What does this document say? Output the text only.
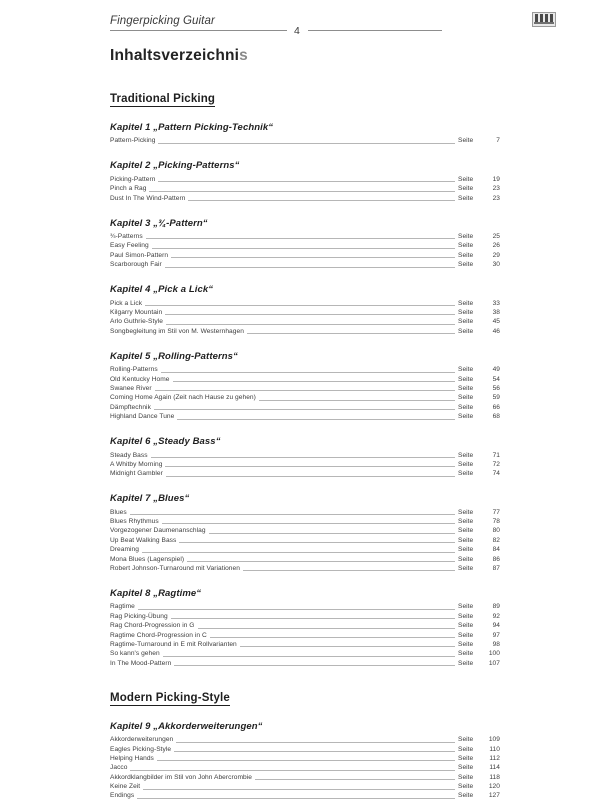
Fingerpicking Guitar
4
Inhaltsverzeichnis
Traditional Picking
Kapitel 1 „Pattern Picking-Technik“
Pattern-Picking	Seite	7
Kapitel 2 „Picking-Patterns“
Picking-Pattern	Seite	19
Pinch a Rag	Seite	23
Dust In The Wind-Pattern	Seite	23
Kapitel 3 „¾-Pattern“
¾-Patterns	Seite	25
Easy Feeling	Seite	26
Paul Simon-Pattern	Seite	29
Scarborough Fair	Seite	30
Kapitel 4 „Pick a Lick“
Pick a Lick	Seite	33
Kilgarry Mountain	Seite	38
Arlo Guthrie-Style	Seite	45
Songbegleitung im Stil von M. Westernhagen	Seite	46
Kapitel 5 „Rolling-Patterns“
Rolling-Patterns	Seite	49
Old Kentucky Home	Seite	54
Swanee River	Seite	56
Coming Home Again (Zeit nach Hause zu gehen)	Seite	59
Dämpftechnik	Seite	66
Highland Dance Tune	Seite	68
Kapitel 6 „Steady Bass“
Steady Bass	Seite	71
A Whitby Morning	Seite	72
Midnight Gambler	Seite	74
Kapitel 7 „Blues“
Blues	Seite	77
Blues Rhythmus	Seite	78
Vorgezogener Daumenanschlag	Seite	80
Up Beat Walking Bass	Seite	82
Dreaming	Seite	84
Mona Blues (Lagenspiel)	Seite	86
Robert Johnson-Turnaround mit Variationen	Seite	87
Kapitel 8 „Ragtime“
Ragtime	Seite	89
Rag Picking-Übung	Seite	92
Rag Chord-Progression in G	Seite	94
Ragtime Chord-Progression in C	Seite	97
Ragtime-Turnaround in E mit Rollvarianten	Seite	98
So kann's gehen	Seite	100
In The Mood-Pattern	Seite	107
Modern Picking-Style
Kapitel 9 „Akkorderweiterungen“
Akkorderweiterungen	Seite	109
Eagles Picking-Style	Seite	110
Helping Hands	Seite	112
Jacco	Seite	114
Akkordklangbilder im Stil von John Abercrombie	Seite	118
Keine Zeit	Seite	120
Endings	Seite	127
